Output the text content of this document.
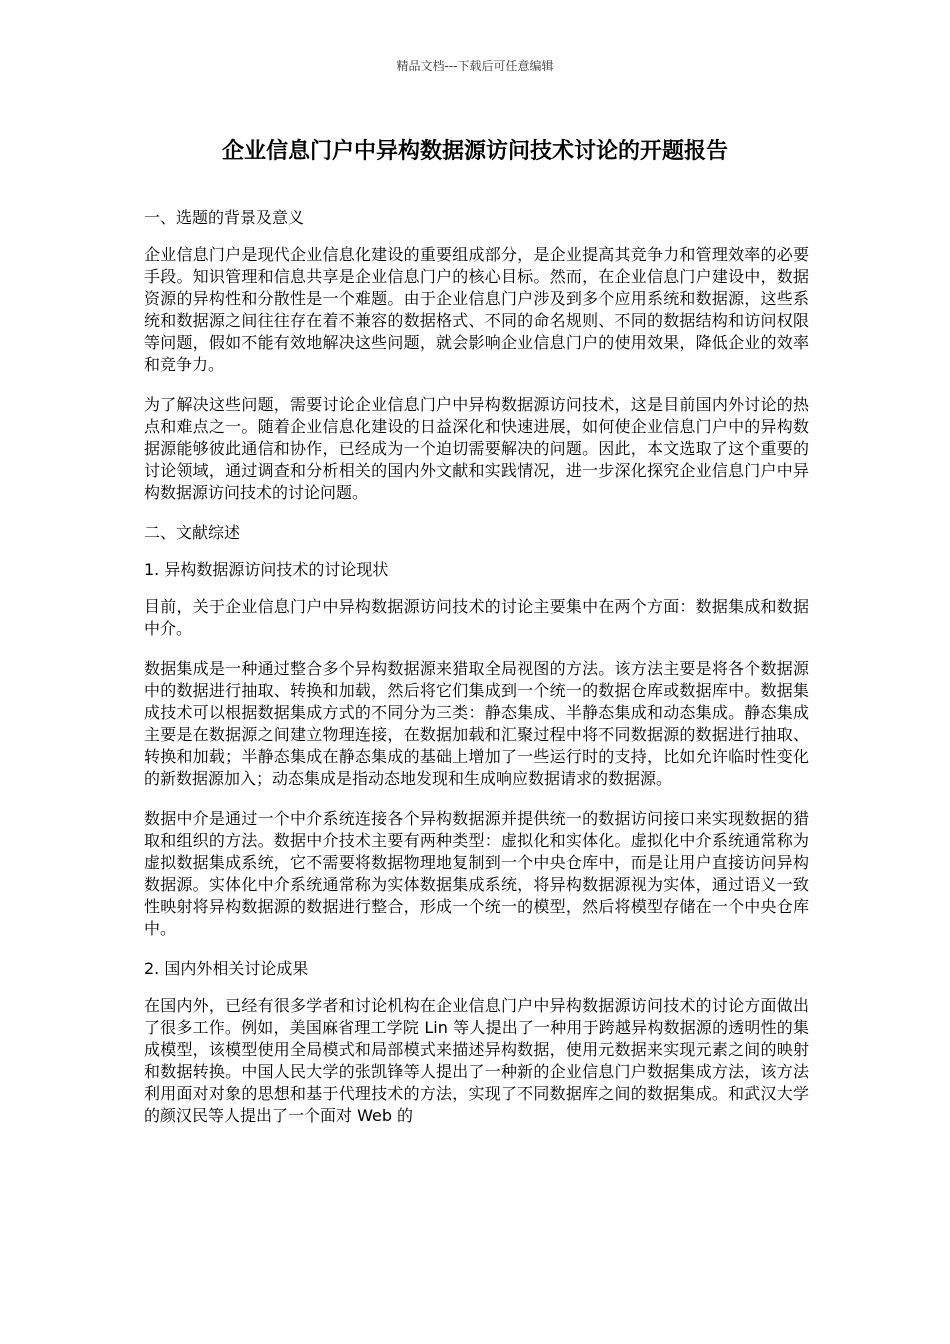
精品文档---下载后可任意编辑
企业信息门户中异构数据源访问技术讨论的开题报告

一、选题的背景及意义

企业信息门户是现代企业信息化建设的重要组成部分，是企业提高其竞争力和管理效率的必要手段。知识管理和信息共享是企业信息门户的核心目标。然而，在企业信息门户建设中，数据资源的异构性和分散性是一个难题。由于企业信息门户涉及到多个应用系统和数据源，这些系统和数据源之间往往存在着不兼容的数据格式、不同的命名规则、不同的数据结构和访问权限等问题，假如不能有效地解决这些问题，就会影响企业信息门户的使用效果，降低企业的效率和竞争力。

为了解决这些问题，需要讨论企业信息门户中异构数据源访问技术，这是目前国内外讨论的热点和难点之一。随着企业信息化建设的日益深化和快速进展，如何使企业信息门户中的异构数据源能够彼此通信和协作，已经成为一个迫切需要解决的问题。因此，本文选取了这个重要的讨论领域，通过调查和分析相关的国内外文献和实践情况，进一步深化探究企业信息门户中异构数据源访问技术的讨论问题。

二、文献综述

1. 异构数据源访问技术的讨论现状

目前，关于企业信息门户中异构数据源访问技术的讨论主要集中在两个方面：数据集成和数据中介。

数据集成是一种通过整合多个异构数据源来猎取全局视图的方法。该方法主要是将各个数据源中的数据进行抽取、转换和加载，然后将它们集成到一个统一的数据仓库或数据库中。数据集成技术可以根据数据集成方式的不同分为三类：静态集成、半静态集成和动态集成。静态集成主要是在数据源之间建立物理连接，在数据加载和汇聚过程中将不同数据源的数据进行抽取、转换和加载；半静态集成在静态集成的基础上增加了一些运行时的支持，比如允许临时性变化的新数据源加入；动态集成是指动态地发现和生成响应数据请求的数据源。

数据中介是通过一个中介系统连接各个异构数据源并提供统一的数据访问接口来实现数据的猎取和组织的方法。数据中介技术主要有两种类型：虚拟化和实体化。虚拟化中介系统通常称为虚拟数据集成系统，它不需要将数据物理地复制到一个中央仓库中，而是让用户直接访问异构数据源。实体化中介系统通常称为实体数据集成系统，将异构数据源视为实体，通过语义一致性映射将异构数据源的数据进行整合，形成一个统一的模型，然后将模型存储在一个中央仓库中。

2. 国内外相关讨论成果

在国内外，已经有很多学者和讨论机构在企业信息门户中异构数据源访问技术的讨论方面做出了很多工作。例如，美国麻省理工学院 Lin 等人提出了一种用于跨越异构数据源的透明性的集成模型，该模型使用全局模式和局部模式来描述异构数据，使用元数据来实现元素之间的映射和数据转换。中国人民大学的张凯锋等人提出了一种新的企业信息门户数据集成方法，该方法利用面对对象的思想和基于代理技术的方法，实现了不同数据库之间的数据集成。和武汉大学的颜汉民等人提出了一个面对 Web 的
